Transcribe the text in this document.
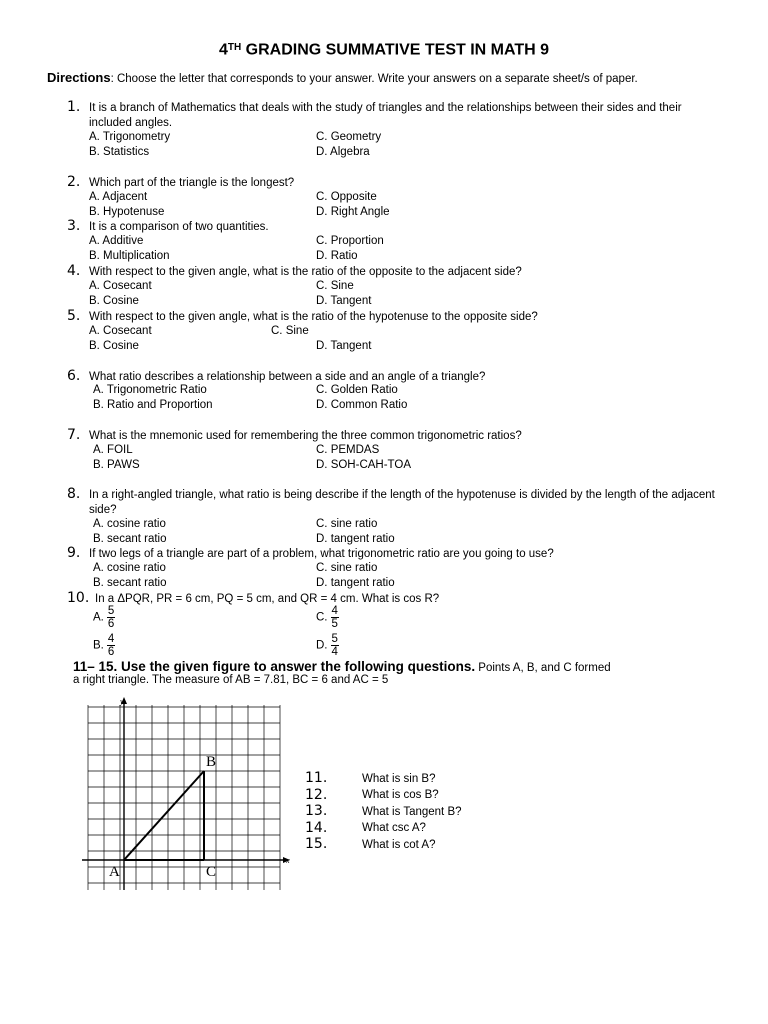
4TH GRADING SUMMATIVE TEST IN MATH 9
Directions: Choose the letter that corresponds to your answer. Write your answers on a separate sheet/s of paper.
1. It is a branch of Mathematics that deals with the study of triangles and the relationships between their sides and their included angles.
A. Trigonometry
B. Statistics
C. Geometry
D. Algebra
2. Which part of the triangle is the longest?
A. Adjacent
B. Hypotenuse
C. Opposite
D. Right Angle
3. It is a comparison of two quantities.
A. Additive
B. Multiplication
C. Proportion
D. Ratio
4. With respect to the given angle, what is the ratio of the opposite to the adjacent side?
A. Cosecant
B. Cosine
C. Sine
D. Tangent
5. With respect to the given angle, what is the ratio of the hypotenuse to the opposite side?
A. Cosecant
B. Cosine
C. Sine
D. Tangent
6. What ratio describes a relationship between a side and an angle of a triangle?
A. Trigonometric Ratio
B. Ratio and Proportion
C. Golden Ratio
D. Common Ratio
7. What is the mnemonic used for remembering the three common trigonometric ratios?
A. FOIL
B. PAWS
C. PEMDAS
D. SOH-CAH-TOA
8. In a right-angled triangle, what ratio is being describe if the length of the hypotenuse is divided by the length of the adjacent side?
A. cosine ratio
B. secant ratio
C. sine ratio
D. tangent ratio
9. If two legs of a triangle are part of a problem, what trigonometric ratio are you going to use?
A. cosine ratio
B. secant ratio
C. sine ratio
D. tangent ratio
10. In a ΔPQR, PR = 6 cm, PQ = 5 cm, and QR = 4 cm. What is cos R?
A. $\frac{5}{6}$
B. $\frac{4}{6}$
C. $\frac{4}{5}$
D. $\frac{5}{4}$
11– 15. Use the given figure to answer the following questions. Points A, B, and C formed
a right triangle. The measure of AB = 7.81, BC = 6 and AC = 5
A
B
C
x
y
11.	What is sin B?
12.	What is cos B?
13.	What is Tangent B?
14.	What csc A?
15.	What is cot A?
